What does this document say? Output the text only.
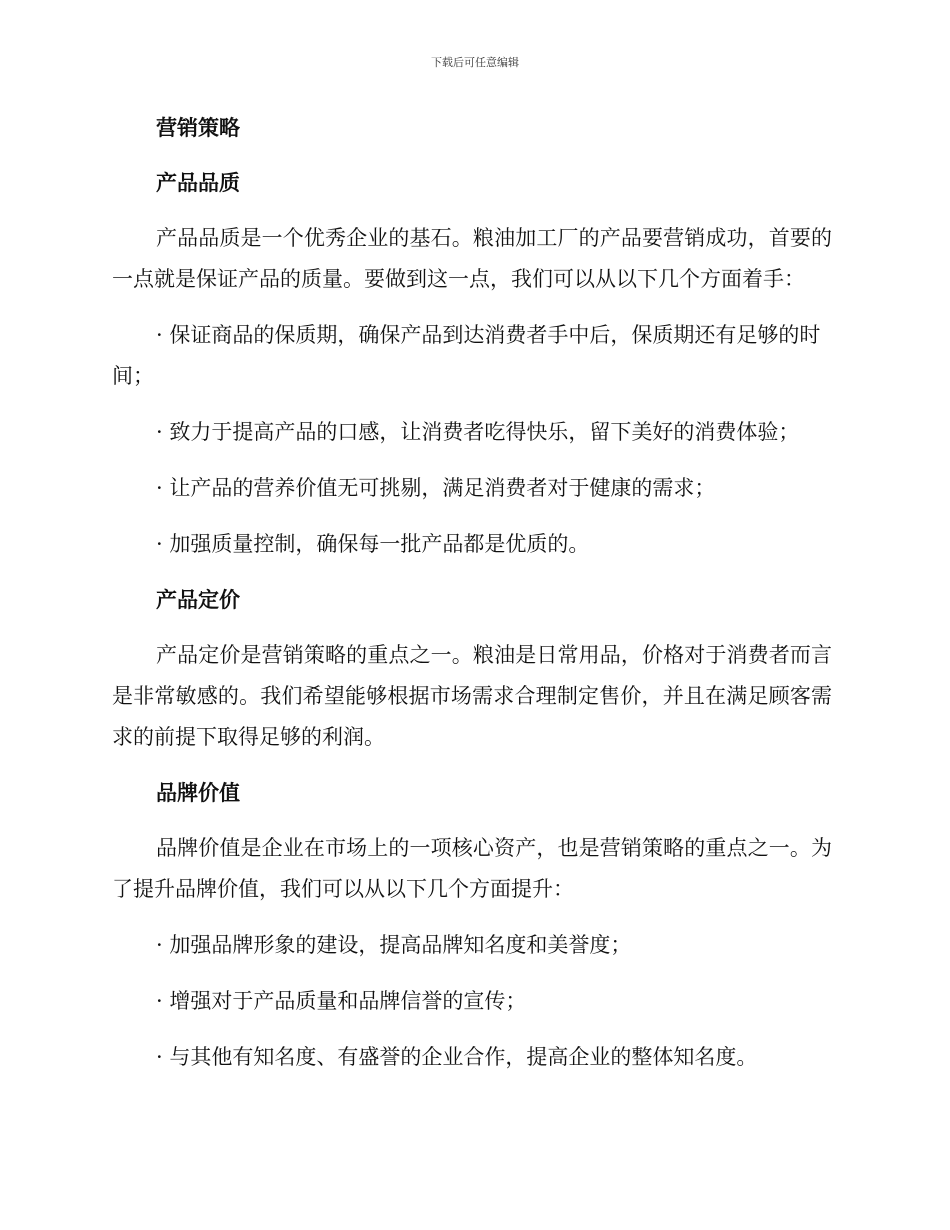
下载后可任意编辑
营销策略
产品品质

产品品质是一个优秀企业的基石。粮油加工厂的产品要营销成功，首要的一点就是保证产品的质量。要做到这一点，我们可以从以下几个方面着手：

· 保证商品的保质期，确保产品到达消费者手中后，保质期还有足够的时间；

· 致力于提高产品的口感，让消费者吃得快乐，留下美好的消费体验；

· 让产品的营养价值无可挑剔，满足消费者对于健康的需求；

· 加强质量控制，确保每一批产品都是优质的。

产品定价

产品定价是营销策略的重点之一。粮油是日常用品，价格对于消费者而言是非常敏感的。我们希望能够根据市场需求合理制定售价，并且在满足顾客需求的前提下取得足够的利润。

品牌价值

品牌价值是企业在市场上的一项核心资产，也是营销策略的重点之一。为了提升品牌价值，我们可以从以下几个方面提升：

· 加强品牌形象的建设，提高品牌知名度和美誉度；

· 增强对于产品质量和品牌信誉的宣传；

· 与其他有知名度、有盛誉的企业合作，提高企业的整体知名度。
